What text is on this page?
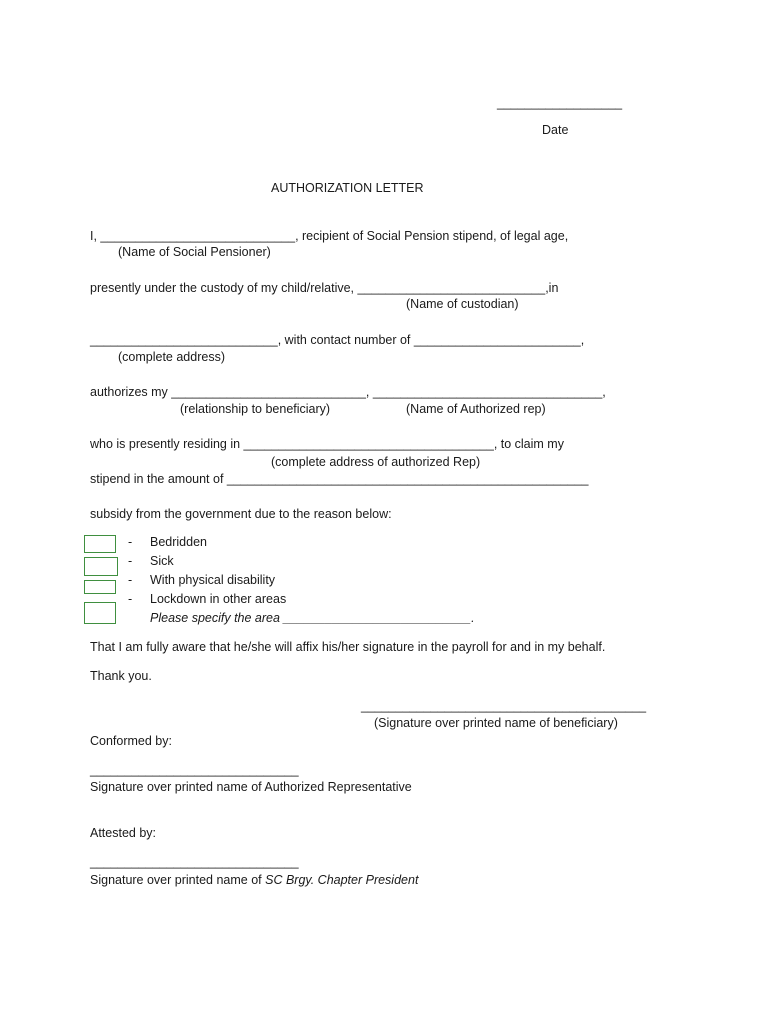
__________________
Date
AUTHORIZATION LETTER
I, ____________________________, recipient of Social Pension stipend, of legal age,
(Name of Social Pensioner)
presently under the custody of my child/relative, ___________________________,in
(Name of custodian)
___________________________, with contact number of ________________________,
(complete address)
authorizes my ____________________________, _________________________________,
(relationship to beneficiary)	(Name of Authorized rep)
who is presently residing in ____________________________________, to claim my
(complete address of authorized Rep)
stipend in the amount of ____________________________________________________
subsidy from the government due to the reason below:
- Bedridden
- Sick
- With physical disability
- Lockdown in other areas
Please specify the area ___________________________.
That I am fully aware that he/she will affix his/her signature in the payroll for and in my behalf.
Thank you.
_________________________________________
(Signature over printed name of beneficiary)
Conformed by:
______________________________
Signature over printed name of Authorized Representative
Attested by:
______________________________
Signature over printed name of SC Brgy. Chapter President
